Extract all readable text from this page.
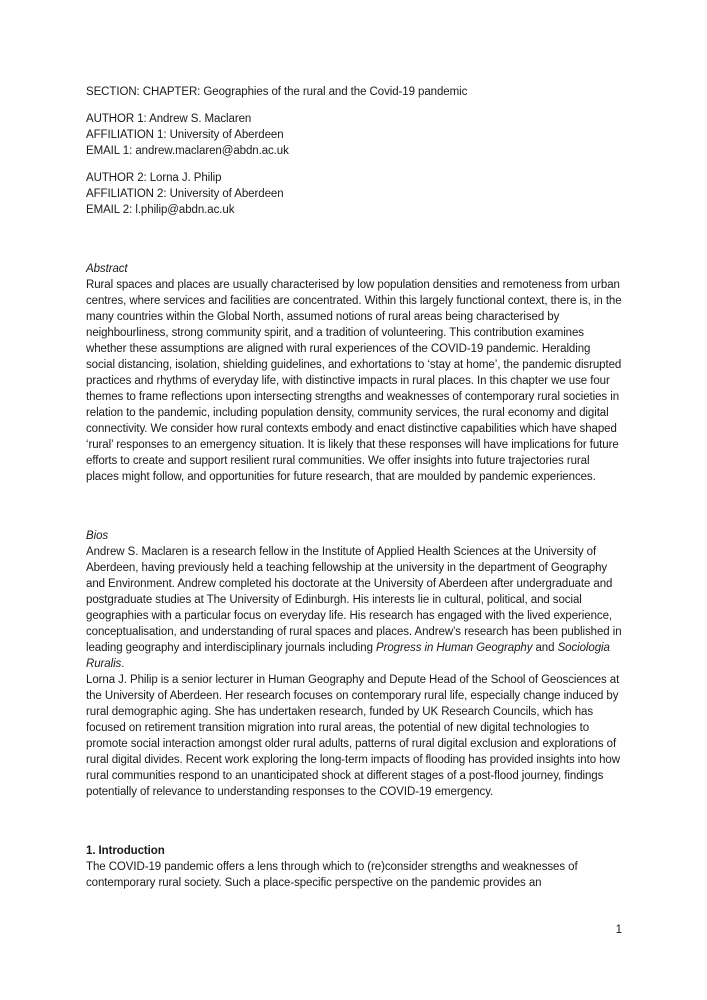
SECTION: CHAPTER: Geographies of the rural and the Covid-19 pandemic

AUTHOR 1: Andrew S. Maclaren

AFFILIATION 1: University of Aberdeen

EMAIL 1: andrew.maclaren@abdn.ac.uk

AUTHOR 2: Lorna J. Philip

AFFILIATION 2: University of Aberdeen

EMAIL 2: l.philip@abdn.ac.uk

Abstract

Rural spaces and places are usually characterised by low population densities and remoteness from urban centres, where services and facilities are concentrated. Within this largely functional context, there is, in the many countries within the Global North, assumed notions of rural areas being characterised by neighbourliness, strong community spirit, and a tradition of volunteering. This contribution examines whether these assumptions are aligned with rural experiences of the COVID-19 pandemic. Heralding social distancing, isolation, shielding guidelines, and exhortations to ‘stay at home’, the pandemic disrupted practices and rhythms of everyday life, with distinctive impacts in rural places. In this chapter we use four themes to frame reflections upon intersecting strengths and weaknesses of contemporary rural societies in relation to the pandemic, including population density, community services, the rural economy and digital connectivity. We consider how rural contexts embody and enact distinctive capabilities which have shaped ‘rural’ responses to an emergency situation. It is likely that these responses will have implications for future efforts to create and support resilient rural communities. We offer insights into future trajectories rural places might follow, and opportunities for future research, that are moulded by pandemic experiences.

Bios

Andrew S. Maclaren is a research fellow in the Institute of Applied Health Sciences at the University of Aberdeen, having previously held a teaching fellowship at the university in the department of Geography and Environment. Andrew completed his doctorate at the University of Aberdeen after undergraduate and postgraduate studies at The University of Edinburgh. His interests lie in cultural, political, and social geographies with a particular focus on everyday life. His research has engaged with the lived experience, conceptualisation, and understanding of rural spaces and places. Andrew’s research has been published in leading geography and interdisciplinary journals including Progress in Human Geography and Sociologia Ruralis.

Lorna J. Philip is a senior lecturer in Human Geography and Depute Head of the School of Geosciences at the University of Aberdeen. Her research focuses on contemporary rural life, especially change induced by rural demographic aging. She has undertaken research, funded by UK Research Councils, which has focused on retirement transition migration into rural areas, the potential of new digital technologies to promote social interaction amongst older rural adults, patterns of rural digital exclusion and explorations of rural digital divides. Recent work exploring the long-term impacts of flooding has provided insights into how rural communities respond to an unanticipated shock at different stages of a post-flood journey, findings potentially of relevance to understanding responses to the COVID-19 emergency.

1. Introduction

The COVID-19 pandemic offers a lens through which to (re)consider strengths and weaknesses of contemporary rural society. Such a place-specific perspective on the pandemic provides an

1
